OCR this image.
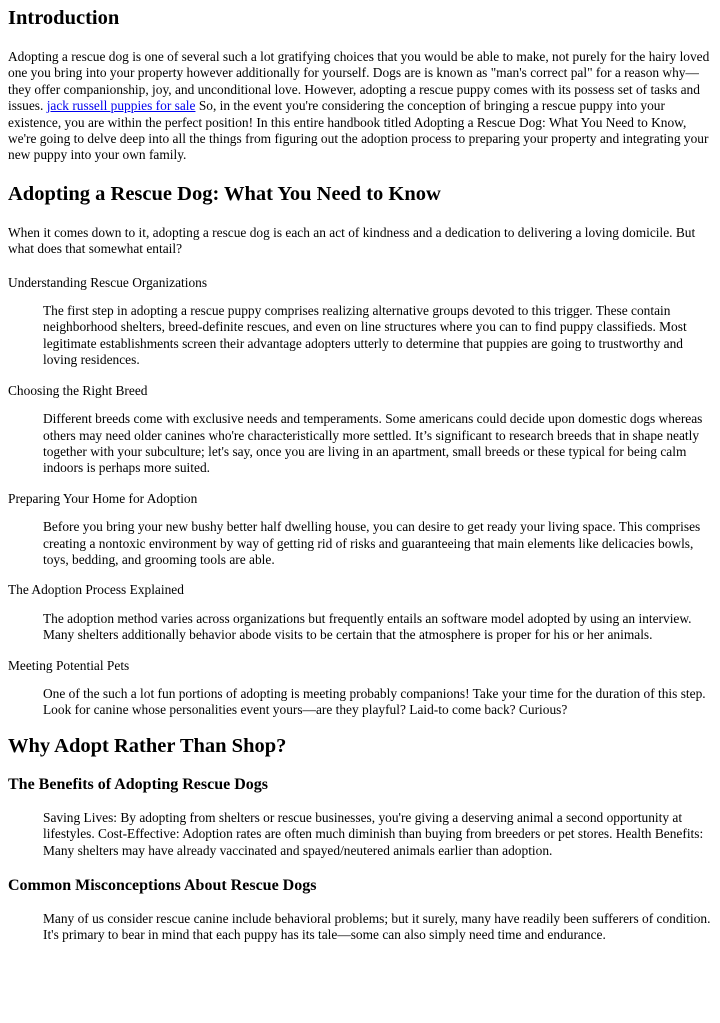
Introduction

Adopting a rescue dog is one of several such a lot gratifying choices that you would be able to make, not purely for the hairy loved one you bring into your property however additionally for yourself. Dogs are is known as "man's correct pal" for a reason why—they offer companionship, joy, and unconditional love. However, adopting a rescue puppy comes with its possess set of tasks and issues. jack russell puppies for sale So, in the event you're considering the conception of bringing a rescue puppy into your existence, you are within the perfect position! In this entire handbook titled Adopting a Rescue Dog: What You Need to Know, we're going to delve deep into all the things from figuring out the adoption process to preparing your property and integrating your new puppy into your own family.

Adopting a Rescue Dog: What You Need to Know

When it comes down to it, adopting a rescue dog is each an act of kindness and a dedication to delivering a loving domicile. But what does that somewhat entail?

Understanding Rescue Organizations
The first step in adopting a rescue puppy comprises realizing alternative groups devoted to this trigger. These contain neighborhood shelters, breed-definite rescues, and even on line structures where you can to find puppy classifieds. Most legitimate establishments screen their advantage adopters utterly to determine that puppies are going to trustworthy and loving residences.
Choosing the Right Breed
Different breeds come with exclusive needs and temperaments. Some americans could decide upon domestic dogs whereas others may need older canines who're characteristically more settled. It’s significant to research breeds that in shape neatly together with your subculture; let's say, once you are living in an apartment, small breeds or these typical for being calm indoors is perhaps more suited.
Preparing Your Home for Adoption
Before you bring your new bushy better half dwelling house, you can desire to get ready your living space. This comprises creating a nontoxic environment by way of getting rid of risks and guaranteeing that main elements like delicacies bowls, toys, bedding, and grooming tools are able.
The Adoption Process Explained
The adoption method varies across organizations but frequently entails an software model adopted by using an interview. Many shelters additionally behavior abode visits to be certain that the atmosphere is proper for his or her animals.
Meeting Potential Pets
One of the such a lot fun portions of adopting is meeting probably companions! Take your time for the duration of this step. Look for canine whose personalities event yours—are they playful? Laid-to come back? Curious?
Why Adopt Rather Than Shop?
The Benefits of Adopting Rescue Dogs
Saving Lives: By adopting from shelters or rescue businesses, you're giving a deserving animal a second opportunity at lifestyles. Cost-Effective: Adoption rates are often much diminish than buying from breeders or pet stores. Health Benefits: Many shelters may have already vaccinated and spayed/neutered animals earlier than adoption.
Common Misconceptions About Rescue Dogs
Many of us consider rescue canine include behavioral problems; but it surely, many have readily been sufferers of condition. It's primary to bear in mind that each puppy has its tale—some can also simply need time and endurance.
